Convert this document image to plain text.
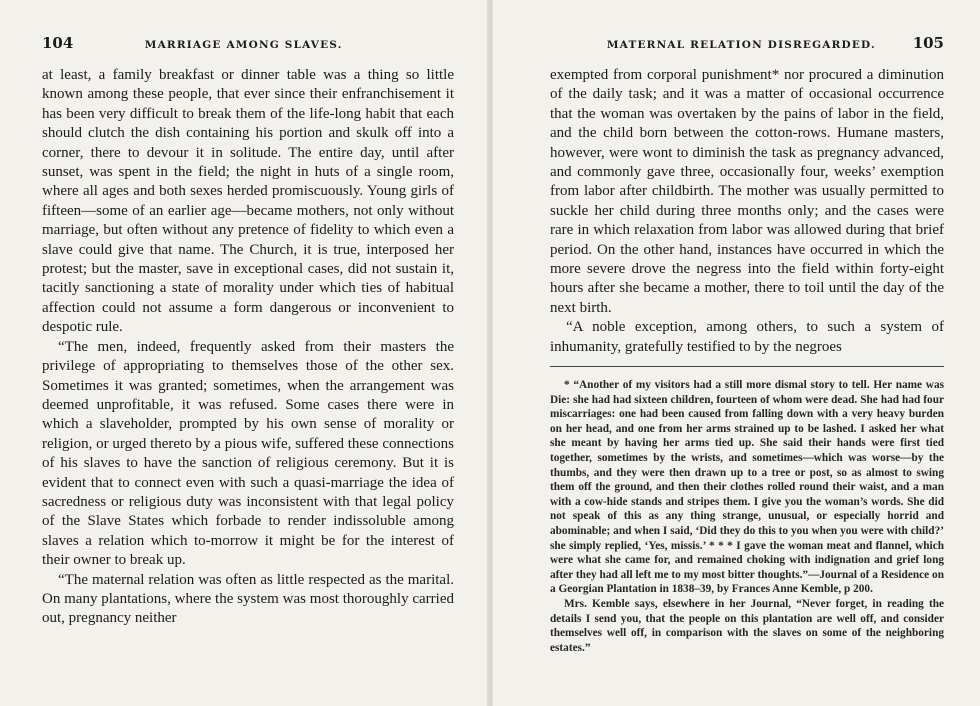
104	MARRIAGE AMONG SLAVES.

at least, a family breakfast or dinner table was a thing so little known among these people, that ever since their enfranchisement it has been very difficult to break them of the life-long habit that each should clutch the dish containing his portion and skulk off into a corner, there to devour it in solitude. The entire day, until after sunset, was spent in the field; the night in huts of a single room, where all ages and both sexes herded promiscuously. Young girls of fifteen—some of an earlier age—became mothers, not only without marriage, but often without any pretence of fidelity to which even a slave could give that name. The Church, it is true, interposed her protest; but the master, save in exceptional cases, did not sustain it, tacitly sanctioning a state of morality under which ties of habitual affection could not assume a form dangerous or inconvenient to despotic rule.

“The men, indeed, frequently asked from their masters the privilege of appropriating to themselves those of the other sex. Sometimes it was granted; sometimes, when the arrangement was deemed unprofitable, it was refused. Some cases there were in which a slaveholder, prompted by his own sense of morality or religion, or urged thereto by a pious wife, suffered these connections of his slaves to have the sanction of religious ceremony. But it is evident that to connect even with such a quasi-marriage the idea of sacredness or religious duty was inconsistent with that legal policy of the Slave States which forbade to render indissoluble among slaves a relation which to-morrow it might be for the interest of their owner to break up.

“The maternal relation was often as little respected as the marital. On many plantations, where the system was most thoroughly carried out, pregnancy neither

MATERNAL RELATION DISREGARDED.	105

exempted from corporal punishment* nor procured a diminution of the daily task; and it was a matter of occasional occurrence that the woman was overtaken by the pains of labor in the field, and the child born between the cotton-rows. Humane masters, however, were wont to diminish the task as pregnancy advanced, and commonly gave three, occasionally four, weeks’ exemption from labor after childbirth. The mother was usually permitted to suckle her child during three months only; and the cases were rare in which relaxation from labor was allowed during that brief period. On the other hand, instances have occurred in which the more severe drove the negress into the field within forty-eight hours after she became a mother, there to toil until the day of the next birth.

“A noble exception, among others, to such a system of inhumanity, gratefully testified to by the negroes

* “Another of my visitors had a still more dismal story to tell. Her name was Die: she had had sixteen children, fourteen of whom were dead. She had had four miscarriages: one had been caused from falling down with a very heavy burden on her head, and one from her arms strained up to be lashed. I asked her what she meant by having her arms tied up. She said their hands were first tied together, sometimes by the wrists, and sometimes—which was worse—by the thumbs, and they were then drawn up to a tree or post, so as almost to swing them off the ground, and then their clothes rolled round their waist, and a man with a cow-hide stands and stripes them. I give you the woman’s words. She did not speak of this as any thing strange, unusual, or especially horrid and abominable; and when I said, ‘Did they do this to you when you were with child?’ she simply replied, ‘Yes, missis.’ * * * I gave the woman meat and flannel, which were what she came for, and remained choking with indignation and grief long after they had all left me to my most bitter thoughts.”—Journal of a Residence on a Georgian Plantation in 1838–39, by Frances Anne Kemble, p 200.

Mrs. Kemble says, elsewhere in her Journal, “Never forget, in reading the details I send you, that the people on this plantation are well off, and consider themselves well off, in comparison with the slaves on some of the neighboring estates.”
